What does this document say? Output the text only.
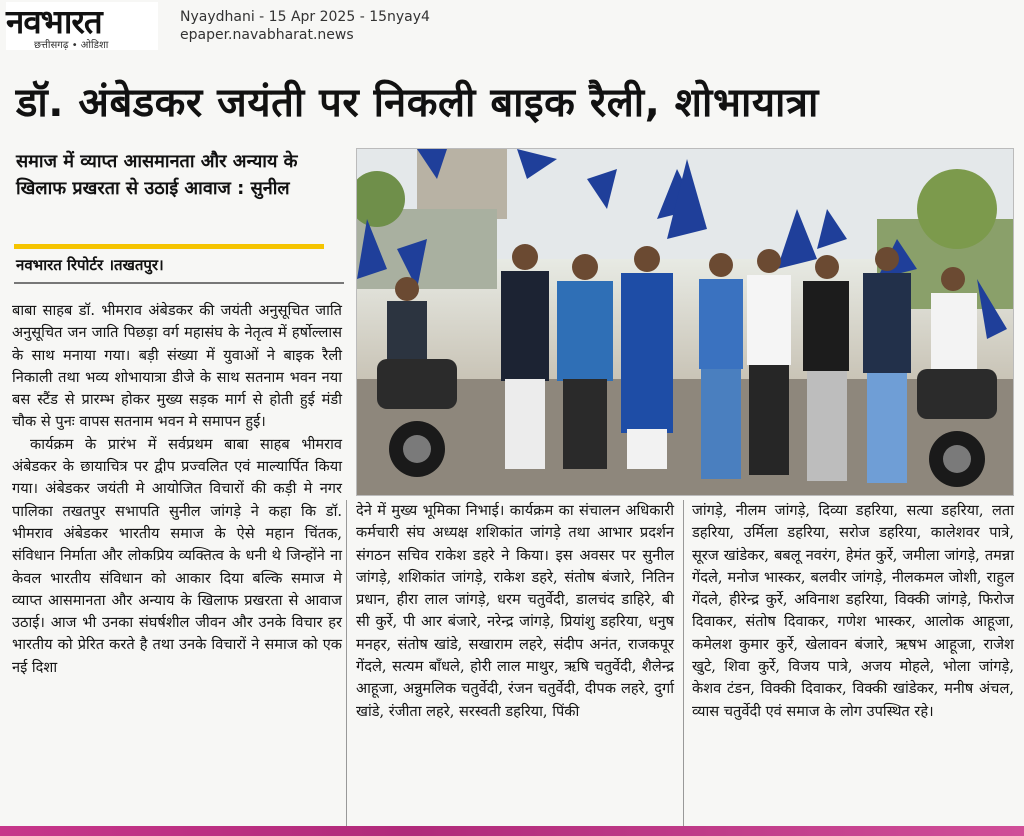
नवभारत
छत्तीसगढ़ • ओडिशा
Nyaydhani - 15 Apr 2025 - 15nyay4
epaper.navabharat.news
डॉ. अंबेडकर जयंती पर निकली बाइक रैली, शोभायात्रा
समाज में व्याप्त आसमानता और अन्याय के खिलाफ प्रखरता से उठाई आवाज : सुनील
नवभारत रिपोर्टर ।तखतपुर।

बाबा साहब डॉ. भीमराव अंबेडकर की जयंती अनुसूचित जाति अनुसूचित जन जाति पिछड़ा वर्ग महासंघ के नेतृत्व में हर्षोल्लास के साथ मनाया गया। बड़ी संख्या में युवाओं ने बाइक रैली निकाली तथा भव्य शोभायात्रा डीजे के साथ सतनाम भवन नया बस स्टैंड से प्रारम्भ होकर मुख्य सड़क मार्ग से होती हुई मंडी चौक से पुनः वापस सतनाम भवन मे समापन हुई।

कार्यक्रम के प्रारंभ में सर्वप्रथम बाबा साहब भीमराव अंबेडकर के छायाचित्र पर द्वीप प्रज्वलित एवं माल्यार्पित किया गया। अंबेडकर जयंती मे आयोजित विचारों की कड़ी मे नगर पालिका तखतपुर सभापति सुनील जांगड़े ने कहा कि डॉ. भीमराव अंबेडकर भारतीय समाज के ऐसे महान चिंतक, संविधान निर्माता और लोकप्रिय व्यक्तित्व के धनी थे जिन्होंने ना केवल भारतीय संविधान को आकार दिया बल्कि समाज मे व्याप्त आसमानता और अन्याय के खिलाफ प्रखरता से आवाज उठाई। आज भी उनका संघर्षशील जीवन और उनके विचार हर भारतीय को प्रेरित करते है तथा उनके विचारों ने समाज को एक नई दिशा

देने में मुख्य भूमिका निभाई। कार्यक्रम का संचालन अधिकारी कर्मचारी संघ अध्यक्ष शशिकांत जांगड़े तथा आभार प्रदर्शन संगठन सचिव राकेश डहरे ने किया। इस अवसर पर सुनील जांगड़े, शशिकांत जांगड़े, राकेश डहरे, संतोष बंजारे, नितिन प्रधान, हीरा लाल जांगड़े, धरम चतुर्वेदी, डालचंद डाहिरे, बी सी कुर्रे, पी आर बंजारे, नरेन्द्र जांगड़े, प्रियांशु डहरिया, धनुष मनहर, संतोष खांडे, सखाराम लहरे, संदीप अनंत, राजकपूर गेंदले, सत्यम बाँधले, होरी लाल माथुर, ऋषि चतुर्वेदी, शैलेन्द्र आहूजा, अन्नुमलिक चतुर्वेदी, रंजन चतुर्वेदी, दीपक लहरे, दुर्गा खांडे, रंजीता लहरे, सरस्वती डहरिया, पिंकी

जांगड़े, नीलम जांगड़े, दिव्या डहरिया, सत्या डहरिया, लता डहरिया, उर्मिला डहरिया, सरोज डहरिया, कालेशवर पात्रे, सूरज खांडेकर, बबलू नवरंग, हेमंत कुर्रे, जमीला जांगड़े, तमन्ना गेंदले, मनोज भास्कर, बलवीर जांगड़े, नीलकमल जोशी, राहुल गेंदले, हीरेन्द्र कुर्रे, अविनाश डहरिया, विक्की जांगड़े, फिरोज दिवाकर, संतोष दिवाकर, गणेश भास्कर, आलोक आहूजा, कमेलश कुमार कुर्रे, खेलावन बंजारे, ऋषभ आहूजा, राजेश खुटे, शिवा कुर्रे, विजय पात्रे, अजय मोहले, भोला जांगड़े, केशव टंडन, विक्की दिवाकर, विक्की खांडेकर, मनीष अंचल, व्यास चतुर्वेदी एवं समाज के लोग उपस्थित रहे।
